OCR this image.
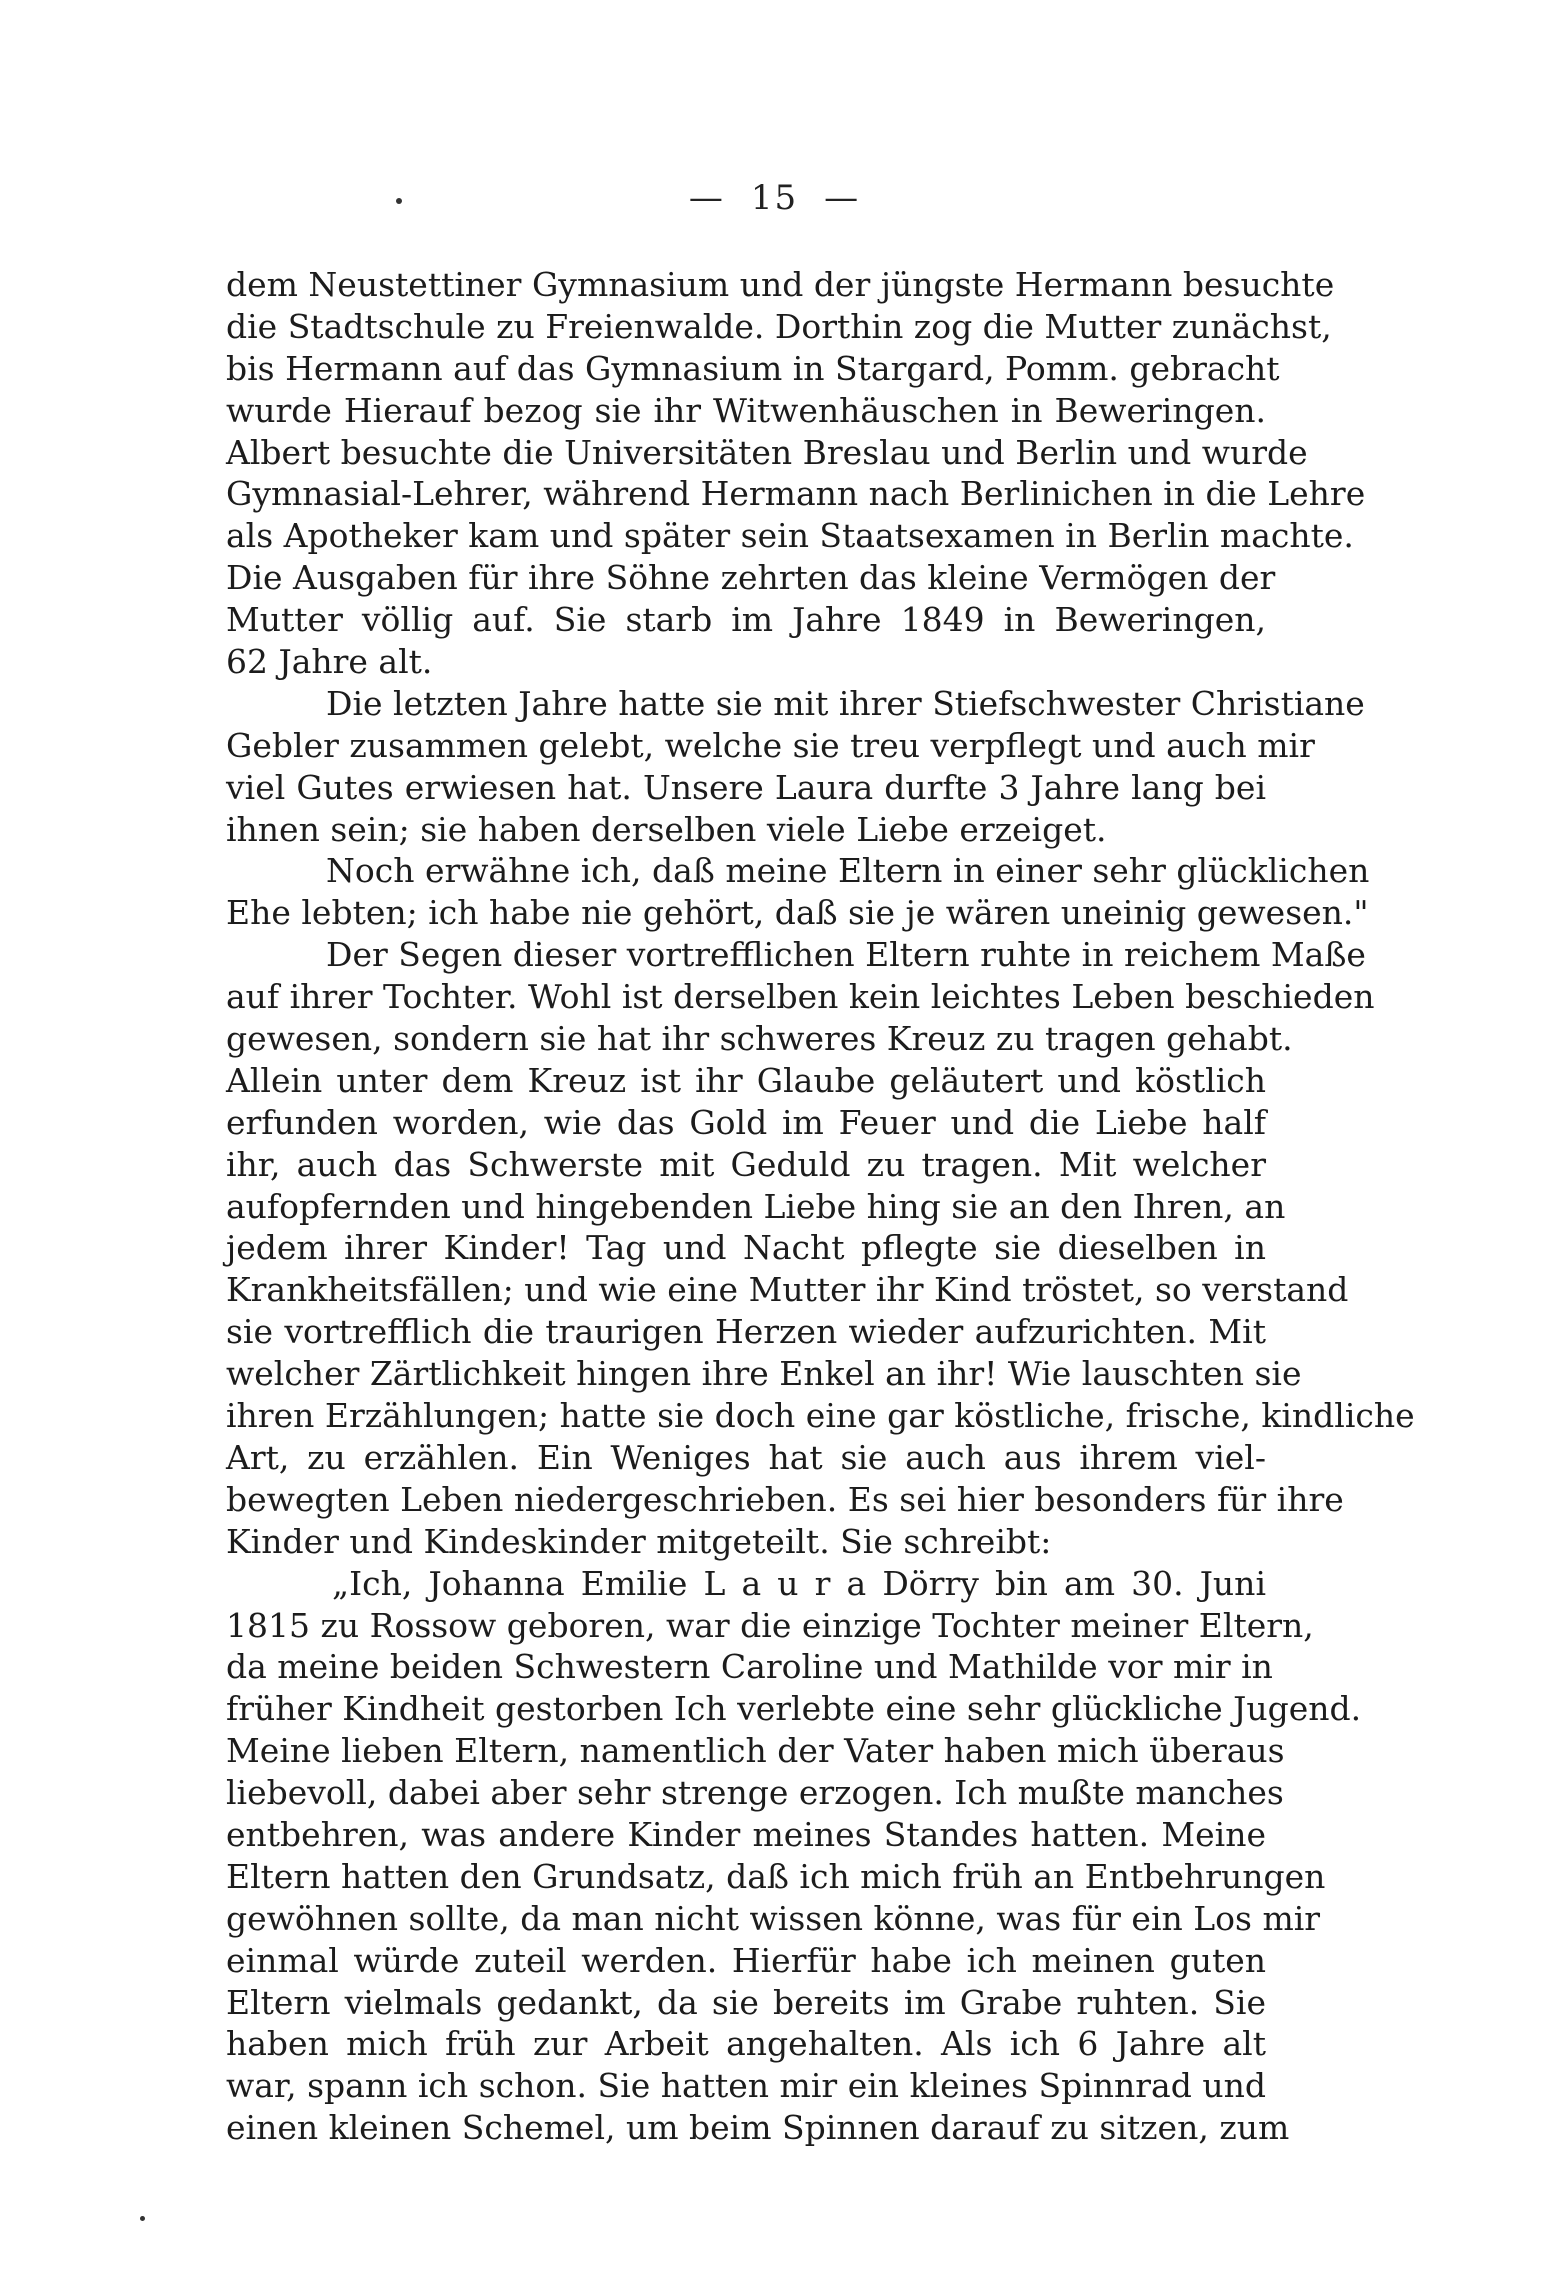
— 15 —
dem Neustettiner Gymnasium und der jüngste Hermann besuchte
die Stadtschule zu Freienwalde. Dorthin zog die Mutter zunächst,
bis Hermann auf das Gymnasium in Stargard, Pomm. gebracht
wurde Hierauf bezog sie ihr Witwenhäuschen in Beweringen.
Albert besuchte die Universitäten Breslau und Berlin und wurde
Gymnasial-Lehrer, während Hermann nach Berlinichen in die Lehre
als Apotheker kam und später sein Staatsexamen in Berlin machte.
Die Ausgaben für ihre Söhne zehrten das kleine Vermögen der
Mutter völlig auf. Sie starb im Jahre 1849 in Beweringen,
62 Jahre alt.
Die letzten Jahre hatte sie mit ihrer Stiefschwester Christiane
Gebler zusammen gelebt, welche sie treu verpflegt und auch mir
viel Gutes erwiesen hat. Unsere Laura durfte 3 Jahre lang bei
ihnen sein; sie haben derselben viele Liebe erzeiget.
Noch erwähne ich, daß meine Eltern in einer sehr glücklichen
Ehe lebten; ich habe nie gehört, daß sie je wären uneinig gewesen."
Der Segen dieser vortrefflichen Eltern ruhte in reichem Maße
auf ihrer Tochter. Wohl ist derselben kein leichtes Leben beschieden
gewesen, sondern sie hat ihr schweres Kreuz zu tragen gehabt.
Allein unter dem Kreuz ist ihr Glaube geläutert und köstlich
erfunden worden, wie das Gold im Feuer und die Liebe half
ihr, auch das Schwerste mit Geduld zu tragen. Mit welcher
aufopfernden und hingebenden Liebe hing sie an den Ihren, an
jedem ihrer Kinder! Tag und Nacht pflegte sie dieselben in
Krankheitsfällen; und wie eine Mutter ihr Kind tröstet, so verstand
sie vortrefflich die traurigen Herzen wieder aufzurichten. Mit
welcher Zärtlichkeit hingen ihre Enkel an ihr! Wie lauschten sie
ihren Erzählungen; hatte sie doch eine gar köstliche, frische, kindliche
Art, zu erzählen. Ein Weniges hat sie auch aus ihrem viel-
bewegten Leben niedergeschrieben. Es sei hier besonders für ihre
Kinder und Kindeskinder mitgeteilt. Sie schreibt:
„Ich, Johanna Emilie L a u r a Dörry bin am 30. Juni
1815 zu Rossow geboren, war die einzige Tochter meiner Eltern,
da meine beiden Schwestern Caroline und Mathilde vor mir in
früher Kindheit gestorben Ich verlebte eine sehr glückliche Jugend.
Meine lieben Eltern, namentlich der Vater haben mich überaus
liebevoll, dabei aber sehr strenge erzogen. Ich mußte manches
entbehren, was andere Kinder meines Standes hatten. Meine
Eltern hatten den Grundsatz, daß ich mich früh an Entbehrungen
gewöhnen sollte, da man nicht wissen könne, was für ein Los mir
einmal würde zuteil werden. Hierfür habe ich meinen guten
Eltern vielmals gedankt, da sie bereits im Grabe ruhten. Sie
haben mich früh zur Arbeit angehalten. Als ich 6 Jahre alt
war, spann ich schon. Sie hatten mir ein kleines Spinnrad und
einen kleinen Schemel, um beim Spinnen darauf zu sitzen, zum
